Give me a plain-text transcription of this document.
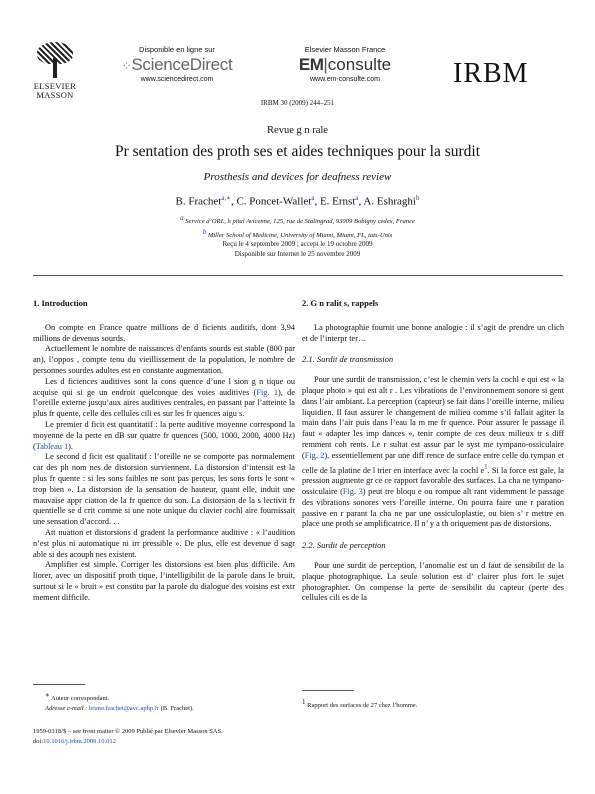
ELSEVIER
MASSON
Disponible en ligne sur
⁘ScienceDirect
www.sciencedirect.com
Elsevier Masson France
EM|consulte
www.em-consulte.com	IRBM
IRBM 30 (2009) 244–251
Revue g n rale
Pr sentation des proth ses et aides techniques pour la surdit
Prosthesis and devices for deafness review
B. Frachet$^{a,∗}$, C. Poncet-Wallet$^a$, E. Ernst$^a$, A. Eshraghi$^b$
$^a$ Service d’ORL, h pital Avicenne, 125, rue de Stalingrad, 93009 Bobigny cedex, France
$^b$ Miller School of Medicine, University of Miami, Miami, FL, tats-Unis
Reçu le 4 septembre 2009 ; accept le 19 octobre 2009
Disponible sur Internet le 25 novembre 2009
1. Introduction
On compte en France quatre millions de d ficients auditifs, dont 3,94 millions de devenus sourds.
Actuellement le nombre de naissances d’enfants sourds est stable (800 par an), l’oppos , compte tenu du vieillissement de la population, le nombre de personnes sourdes adultes est en constante augmentation.
Les d ficiences auditives sont la cons quence d’une l sion g n tique ou acquise qui si ge un endroit quelconque des voies auditives (Fig. 1), de l’oreille externe jusqu’aux aires auditives centrales, en passant par l’atteinte la plus fr quente, celle des cellules cili es sur les fr quences aigu s.
Le premier d ficit est quantitatif : la perte auditive moyenne correspond la moyenne de la perte en dB sur quatre fr quences (500, 1000, 2000, 4000 Hz) (Tableau 1).
Le second d ficit est qualitatif : l’oreille ne se comporte pas normalement car des ph nom nes de distorsion surviennent. La distorsion d’intensit est la plus fr quente : si les sons faibles ne sont pas perçus, les sons forts le sont « trop bien ». La distorsion de la sensation de hauteur, quant elle, induit une mauvaise appr ciation de la fr quence du son. La distorsion de la s lectivit fr quentielle se d crit comme si une note unique du clavier cochl aire fournissait une sensation d’accord. . .
Att nuation et distorsions d gradent la performance auditive : « l’audition n’est plus ni automatique ni irr pressible ». De plus, elle est devenue d sagr able si des acouph nes existent.
Amplifier est simple. Corriger les distorsions est bien plus difficile. Am liorer, avec un dispositif proth tique, l’intelligibilit de la parole dans le bruit, surtout si le « bruit » est constitu par la parole du dialogue des voisins est extr mement difficile.
2. G n ralit s, rappels
La photographie fournit une bonne analogie : il s’agit de prendre un clich et de l’interpr ter…
2.1. Surdit de transmission
Pour une surdit de transmission, c’est le chemin vers la cochl e qui est « la plaque photo » qui est alt r . Les vibrations de l’environnement sonore si gent dans l’air ambiant. La perception (capteur) se fait dans l’oreille interne, milieu liquidien. Il faut assurer le changement de milieu comme s’il fallait agiter la main dans l’air puis dans l’eau la m me fr quence. Pour assurer le passage il faut « adapter les imp dances », tenir compte de ces deux milieux tr s diff remment coh rents. Le r sultat est assur par le syst me tympano-ossiculaire (Fig. 2), essentiellement par une diff rence de surface entre celle du tympan et celle de la platine de l trier en interface avec la cochl $e^1$. Si la force est gale, la pression augmente gr ce ce rapport favorable des surfaces. La cha ne tympano-ossiculaire (Fig. 3) peut tre bloqu e ou rompue alt rant videmment le passage des vibrations sonores vers l’oreille interne. On pourra faire une r paration passive en r parant la cha ne par une ossiculoplastie, ou bien s’ r mettre en place une proth se amplificatrice. Il n’ y a th oriquement pas de distorsions.
2.2. Surdit de perception
Pour une surdit de perception, l’anomalie est un d faut de sensibilit de la plaque photographique. La seule solution est d’ clairer plus fort le sujet photographier. On compense la perte de sensibilit du capteur (perte des cellules cili es de la
∗ Auteur correspondant.
Adresse e-mail : bruno.frachet@avc.aphp.fr (B. Frachet).
$^1$ Rapport des surfaces de 27 chez l’homme.
1959-0318/$ – see front matter © 2009 Publié par Elsevier Masson SAS.
doi:10.1016/j.irbm.2009.10.012
